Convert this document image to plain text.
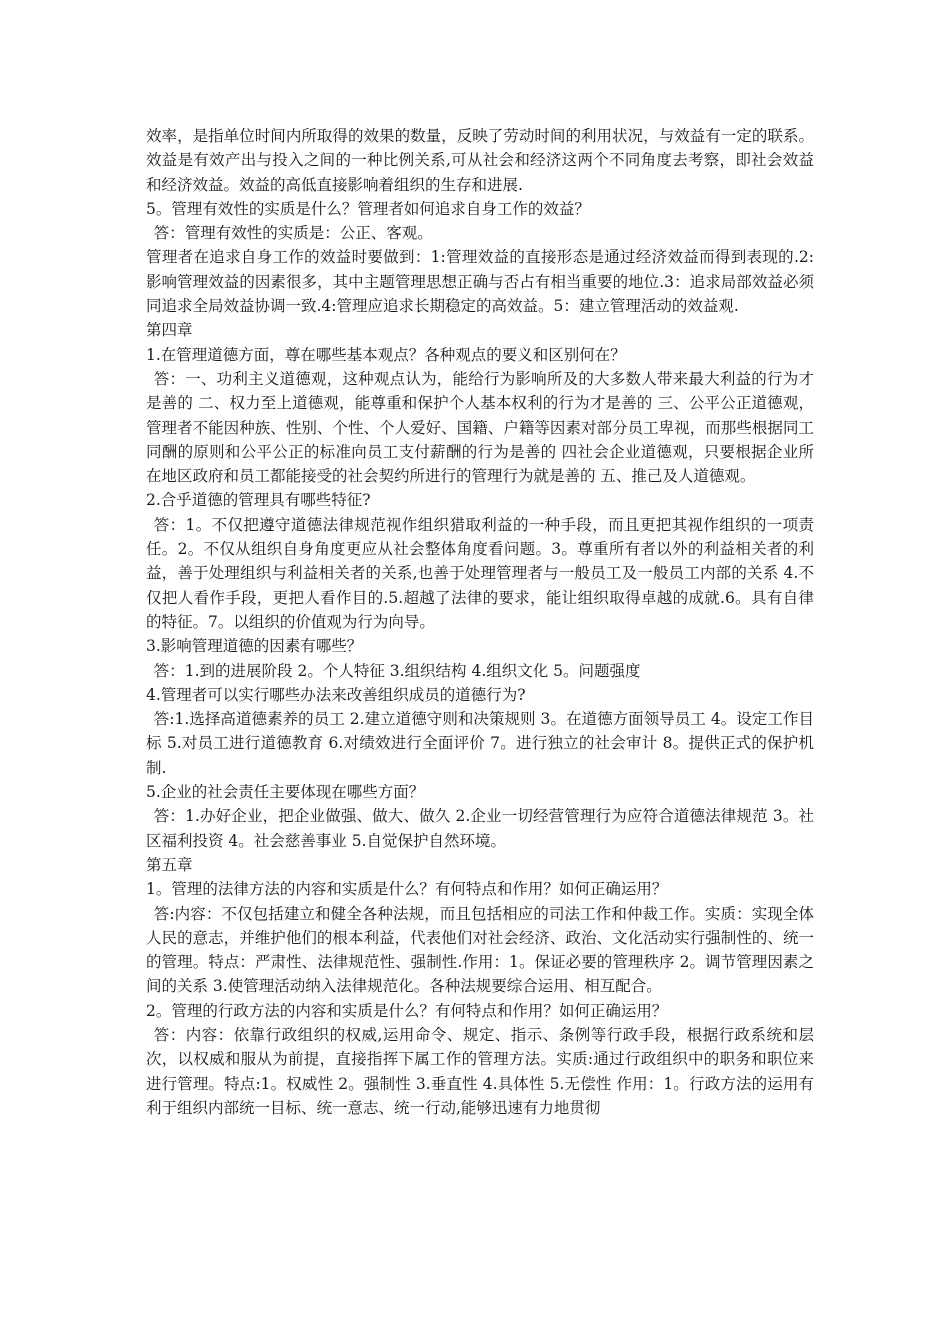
效率，是指单位时间内所取得的效果的数量，反映了劳动时间的利用状况，与效益有一定的联系。效益是有效产出与投入之间的一种比例关系,可从社会和经济这两个不同角度去考察，即社会效益和经济效益。效益的高低直接影响着组织的生存和进展.

5。管理有效性的实质是什么？管理者如何追求自身工作的效益？

答：管理有效性的实质是：公正、客观。

管理者在追求自身工作的效益时要做到：1:管理效益的直接形态是通过经济效益而得到表现的.2:影响管理效益的因素很多，其中主题管理思想正确与否占有相当重要的地位.3：追求局部效益必须同追求全局效益协调一致.4:管理应追求长期稳定的高效益。5：建立管理活动的效益观.

第四章

1.在管理道德方面，尊在哪些基本观点？各种观点的要义和区别何在？

答：一、功利主义道德观，这种观点认为，能给行为影响所及的大多数人带来最大利益的行为才是善的 二、权力至上道德观，能尊重和保护个人基本权利的行为才是善的 三、公平公正道德观，管理者不能因种族、性别、个性、个人爱好、国籍、户籍等因素对部分员工卑视，而那些根据同工同酬的原则和公平公正的标准向员工支付薪酬的行为是善的 四社会企业道德观，只要根据企业所在地区政府和员工都能接受的社会契约所进行的管理行为就是善的 五、推己及人道德观。

2.合乎道德的管理具有哪些特征?

答：1。不仅把遵守道德法律规范视作组织猎取利益的一种手段，而且更把其视作组织的一项责任。2。不仅从组织自身角度更应从社会整体角度看问题。3。尊重所有者以外的利益相关者的利益，善于处理组织与利益相关者的关系,也善于处理管理者与一般员工及一般员工内部的关系 4.不仅把人看作手段，更把人看作目的.5.超越了法律的要求，能让组织取得卓越的成就.6。具有自律的特征。7。以组织的价值观为行为向导。

3.影响管理道德的因素有哪些？

答：1.到的进展阶段 2。个人特征 3.组织结构 4.组织文化 5。问题强度

4.管理者可以实行哪些办法来改善组织成员的道德行为?

答:1.选择高道德素养的员工 2.建立道德守则和决策规则 3。在道德方面领导员工 4。设定工作目标 5.对员工进行道德教育 6.对绩效进行全面评价 7。进行独立的社会审计 8。提供正式的保护机制.

5.企业的社会责任主要体现在哪些方面？

答：1.办好企业，把企业做强、做大、做久 2.企业一切经营管理行为应符合道德法律规范 3。社区福利投资 4。社会慈善事业 5.自觉保护自然环境。

第五章

1。管理的法律方法的内容和实质是什么？有何特点和作用？如何正确运用？

答:内容：不仅包括建立和健全各种法规，而且包括相应的司法工作和仲裁工作。实质：实现全体人民的意志，并维护他们的根本利益，代表他们对社会经济、政治、文化活动实行强制性的、统一的管理。特点：严肃性、法律规范性、强制性.作用：1。保证必要的管理秩序 2。调节管理因素之间的关系 3.使管理活动纳入法律规范化。各种法规要综合运用、相互配合。

2。管理的行政方法的内容和实质是什么？有何特点和作用？如何正确运用？

答：内容：依靠行政组织的权威,运用命令、规定、指示、条例等行政手段，根据行政系统和层次，以权威和服从为前提，直接指挥下属工作的管理方法。实质:通过行政组织中的职务和职位来进行管理。特点:1。权威性 2。强制性 3.垂直性 4.具体性 5.无偿性 作用：1。行政方法的运用有利于组织内部统一目标、统一意志、统一行动,能够迅速有力地贯彻
